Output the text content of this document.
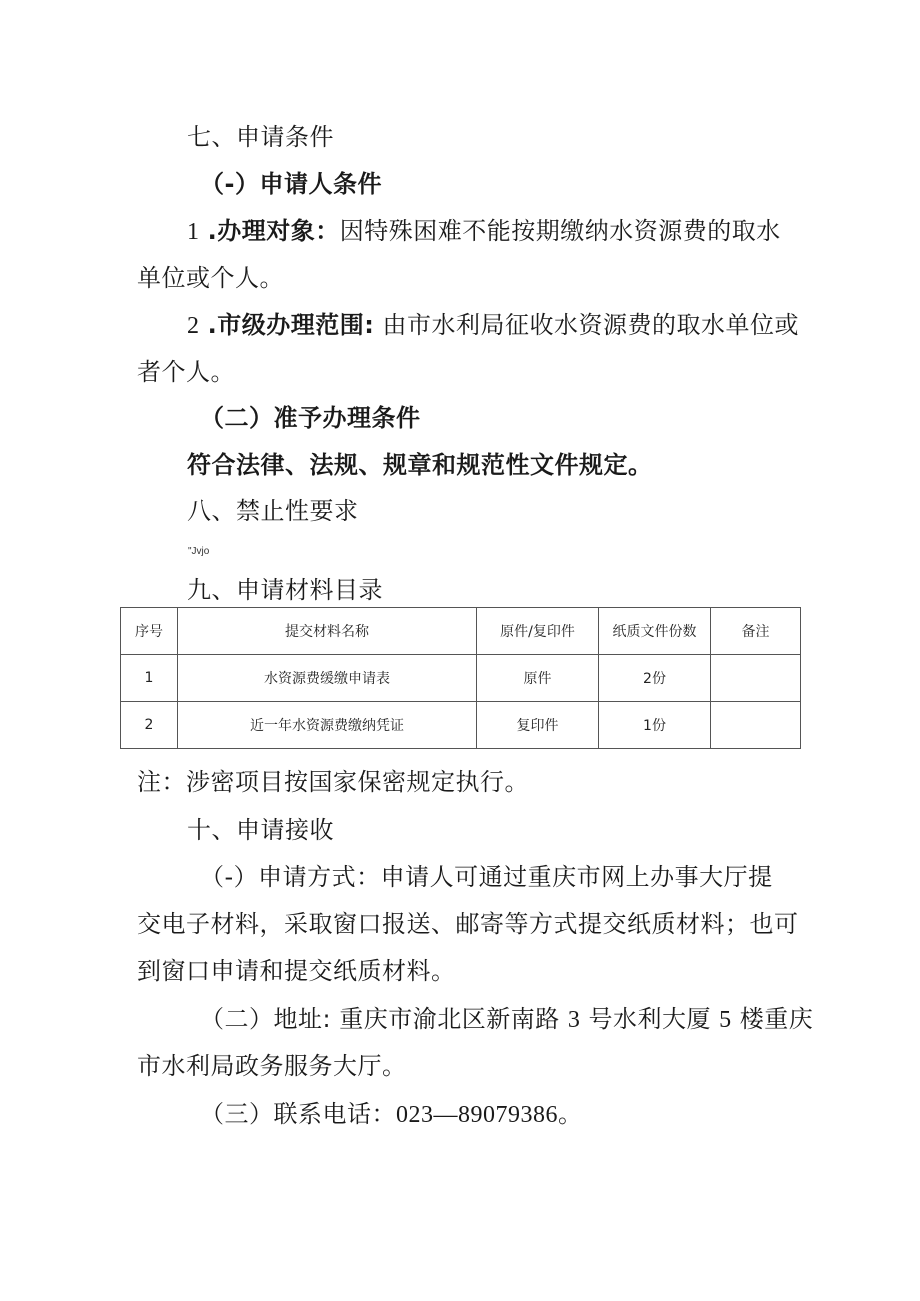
七、申请条件
（-）申请人条件
1 .办理对象：因特殊困难不能按期缴纳水资源费的取水
单位或个人。
2 .市级办理范围: 由市水利局征收水资源费的取水单位或
者个人。
（二）准予办理条件
符合法律、法规、规章和规范性文件规定。
八、禁止性要求
"Jvjo
九、申请材料目录
序号	提交材料名称	原件/复印件	纸质文件份数	备注
1	水资源费缓缴申请表	原件	2份	
2	近一年水资源费缴纳凭证	复印件	1份	
注：涉密项目按国家保密规定执行。
十、申请接收
（-）申请方式：申请人可通过重庆市网上办事大厅提
交电子材料，采取窗口报送、邮寄等方式提交纸质材料；也可
到窗口申请和提交纸质材料。
（二）地址: 重庆市渝北区新南路 3 号水利大厦 5 楼重庆
市水利局政务服务大厅。
（三）联系电话：023—89079386。
